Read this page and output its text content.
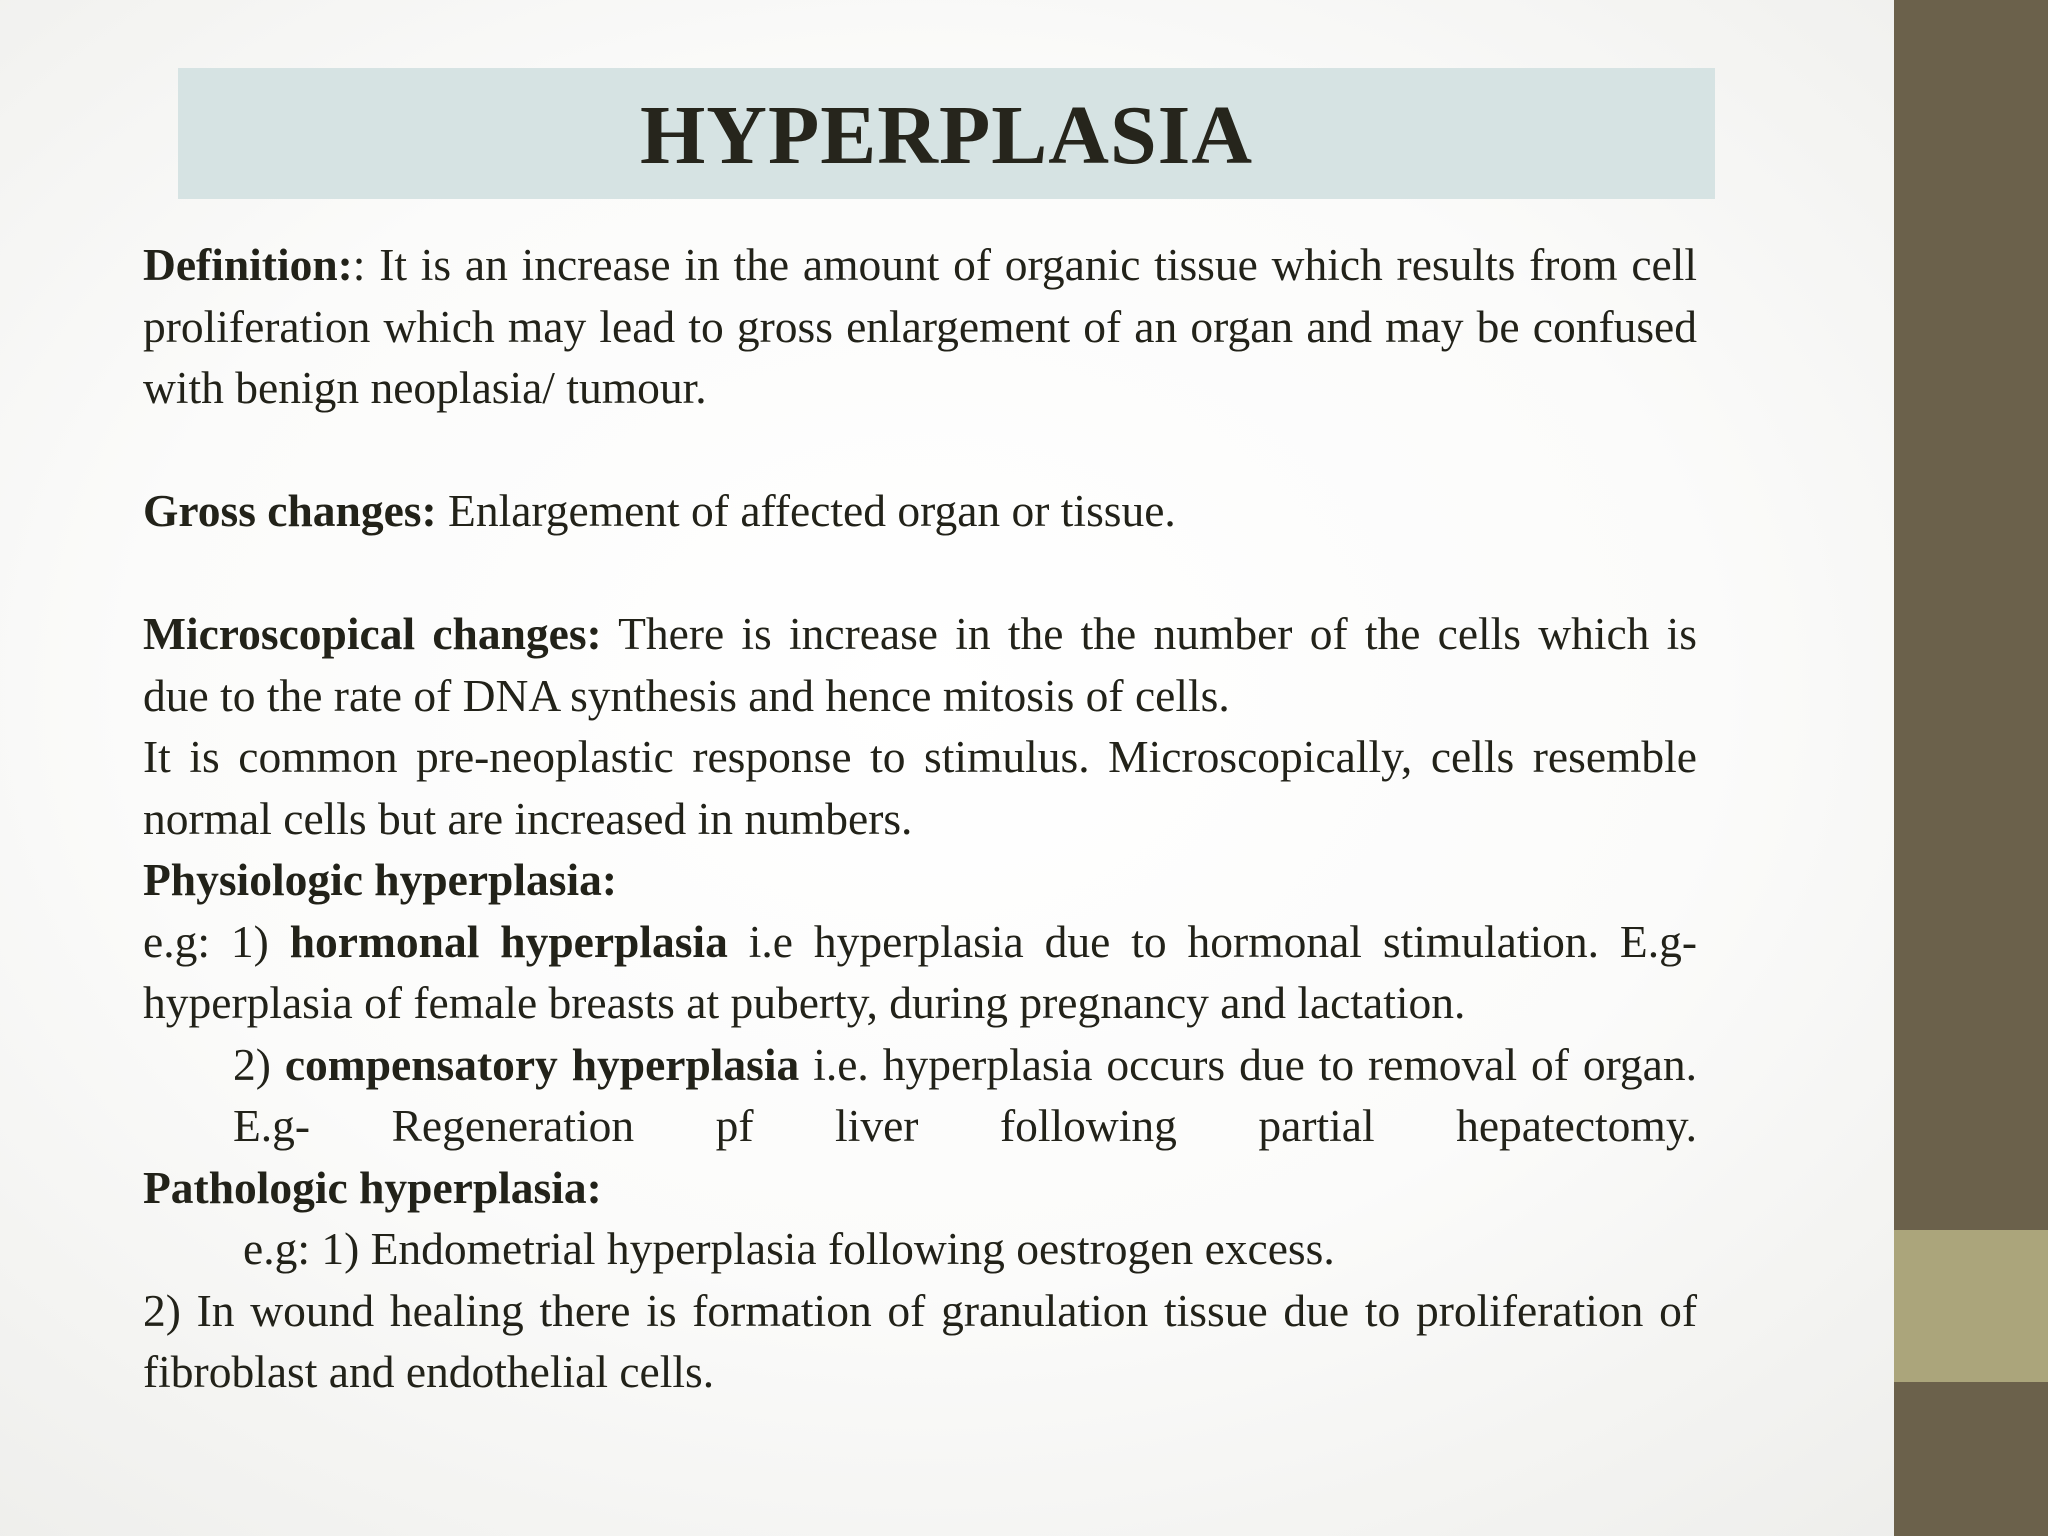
HYPERPLASIA

Definition:: It is an increase in the amount of organic tissue which results from cell proliferation which may lead to gross enlargement of an organ and may be confused with benign neoplasia/ tumour.

Gross changes: Enlargement of affected organ or tissue.

Microscopical changes: There is increase in the the number of the cells which is due to the rate of DNA synthesis and hence mitosis of cells.

It is common pre-neoplastic response to stimulus. Microscopically, cells resemble normal cells but are increased in numbers.

Physiologic hyperplasia:

e.g: 1) hormonal hyperplasia i.e hyperplasia due to hormonal stimulation. E.g-hyperplasia of female breasts at puberty, during pregnancy and lactation.

2) compensatory hyperplasia i.e. hyperplasia occurs due to removal of organ. E.g- Regeneration pf liver following partial hepatectomy.

Pathologic hyperplasia:

e.g: 1) Endometrial hyperplasia following oestrogen excess.

2) In wound healing there is formation of granulation tissue due to proliferation of fibroblast and endothelial cells.
